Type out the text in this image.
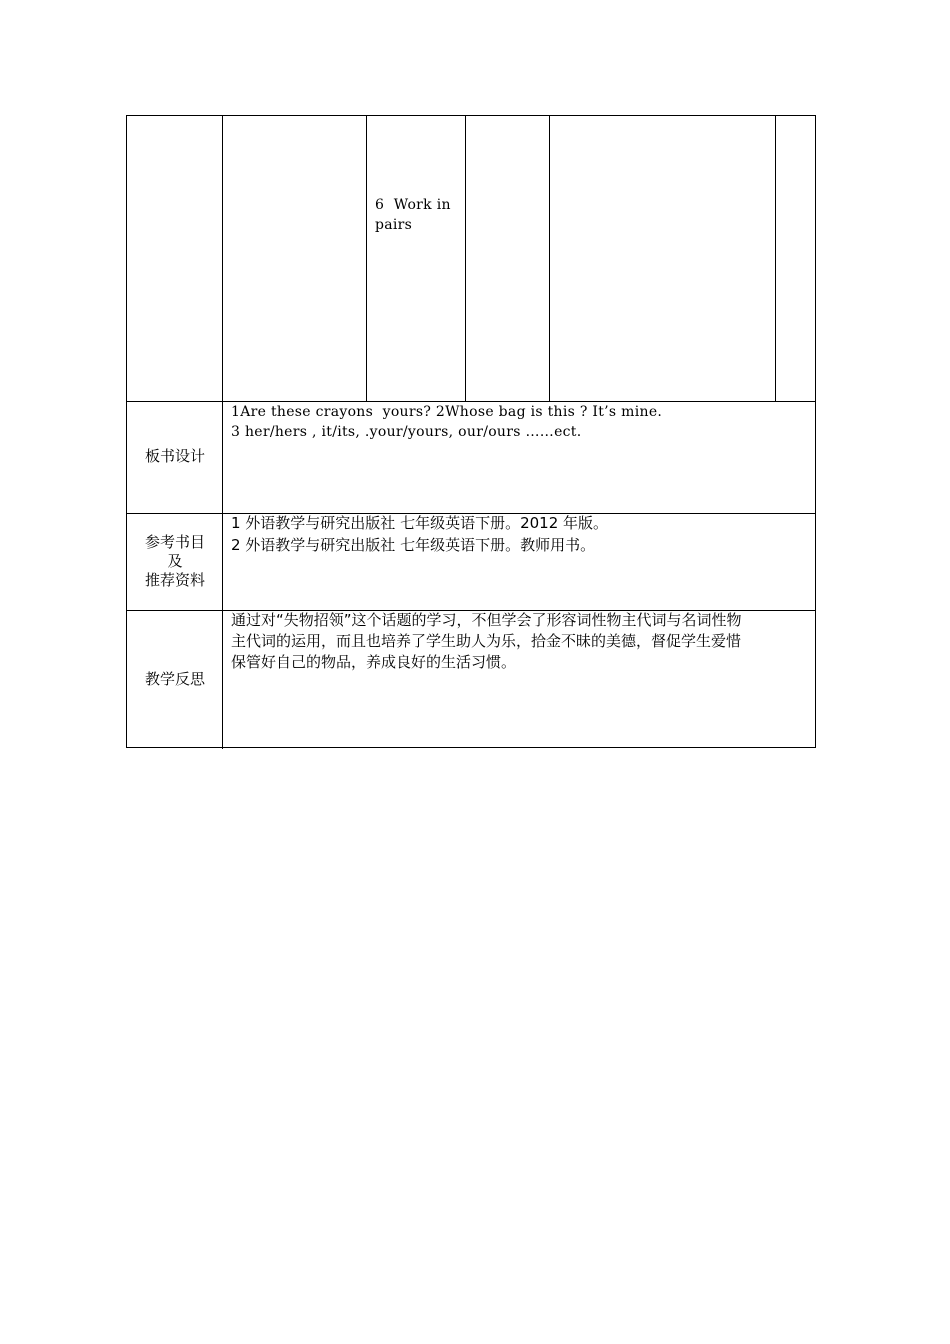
6  Work in
pairs
板书设计
1Are these crayons  yours? 2Whose bag is this ? It’s mine.
3 her/hers , it/its, .your/yours, our/ours ……ect.
参考书目
及
推荐资料
1 外语教学与研究出版社 七年级英语下册。2012 年版。
2 外语教学与研究出版社 七年级英语下册。教师用书。
教学反思
通过对“失物招领”这个话题的学习，不但学会了形容词性物主代词与名词性物
主代词的运用，而且也培养了学生助人为乐，拾金不昧的美德，督促学生爱惜
保管好自己的物品，养成良好的生活习惯。
